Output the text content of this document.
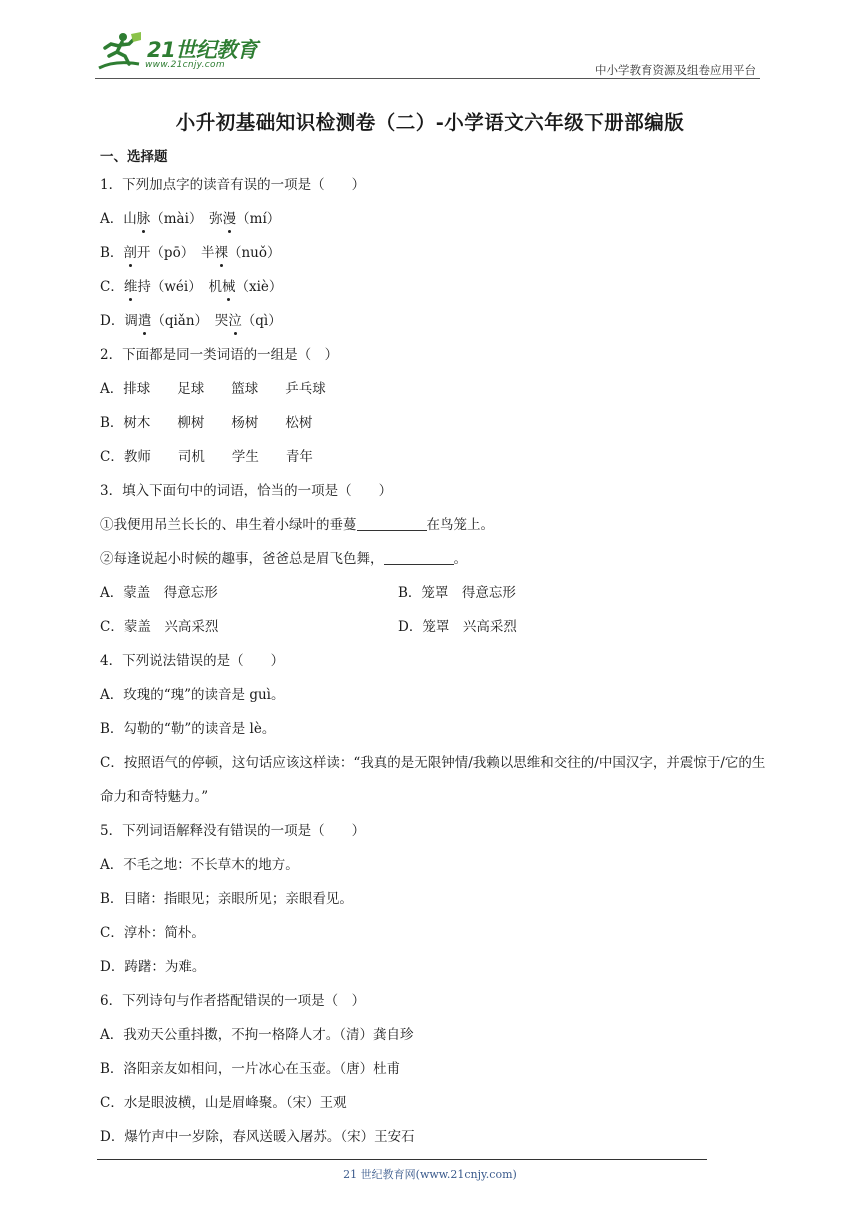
21世纪教育
www.21cnjy.com	中小学教育资源及组卷应用平台
小升初基础知识检测卷（二）-小学语文六年级下册部编版
一、选择题
1．下列加点字的读音有误的一项是（　　）
A．山脉（mài）　弥漫（mí）
B．剖开（pō）　半裸（nuǒ）
C．维持（wéi）　机械（xiè）
D．调遣（qiǎn）　哭泣（qì）
2．下面都是同一类词语的一组是（　）
A．排球　　足球　　篮球　　乒乓球
B．树木　　柳树　　杨树　　松树
C．教师　　司机　　学生　　青年
3．填入下面句中的词语，恰当的一项是（　　）
①我便用吊兰长长的、串生着小绿叶的垂蔓	在鸟笼上。
②每逢说起小时候的趣事，爸爸总是眉飞色舞，	。
A．蒙盖　得意忘形	B．笼罩　得意忘形
C．蒙盖　兴高采烈	D．笼罩　兴高采烈
4．下列说法错误的是（　　）
A．玫瑰的“瑰”的读音是 guì。
B．勾勒的“勒”的读音是 lè。
C．按照语气的停顿，这句话应该这样读：“我真的是无限钟情/我赖以思维和交往的/中国汉字，并震惊于/它的生命力和奇特魅力。”
5．下列词语解释没有错误的一项是（　　）
A．不毛之地：不长草木的地方。
B．目睹：指眼见；亲眼所见；亲眼看见。
C．淳朴：简朴。
D．踌躇：为难。
6．下列诗句与作者搭配错误的一项是（　）
A．我劝天公重抖擞，不拘一格降人才。（清）龚自珍
B．洛阳亲友如相问，一片冰心在玉壶。（唐）杜甫
C．水是眼波横，山是眉峰聚。（宋）王观
D．爆竹声中一岁除，春风送暖入屠苏。（宋）王安石
21 世纪教育网(www.21cnjy.com)
